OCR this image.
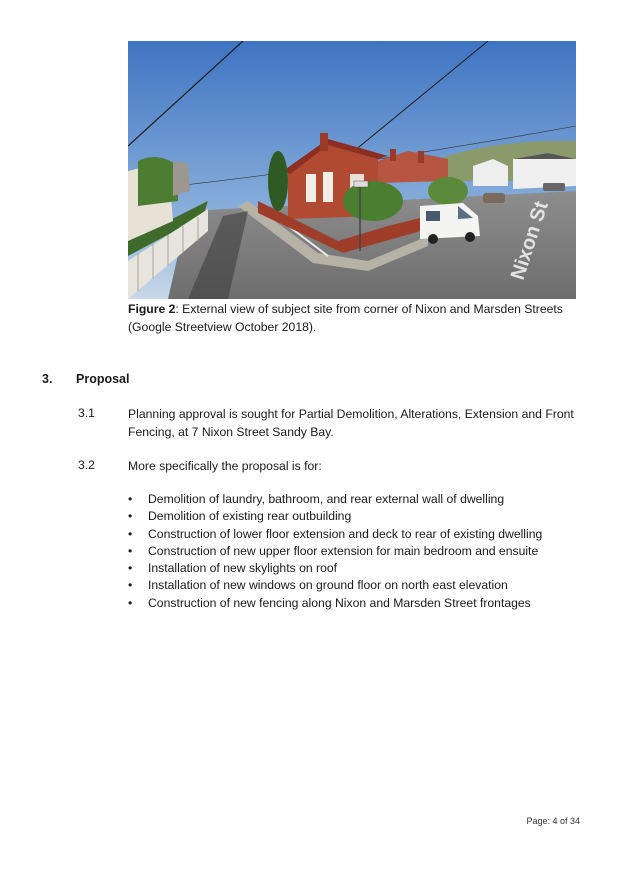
Nixon St
Figure 2: External view of subject site from corner of Nixon and Marsden Streets (Google Streetview October 2018).
3. Proposal
3.1	Planning approval is sought for Partial Demolition, Alterations, Extension and Front Fencing, at 7 Nixon Street Sandy Bay.
3.2	More specifically the proposal is for:
• Demolition of laundry, bathroom, and rear external wall of dwelling
• Demolition of existing rear outbuilding
• Construction of lower floor extension and deck to rear of existing dwelling
• Construction of new upper floor extension for main bedroom and ensuite
• Installation of new skylights on roof
• Installation of new windows on ground floor on north east elevation
• Construction of new fencing along Nixon and Marsden Street frontages
Page: 4 of 34
